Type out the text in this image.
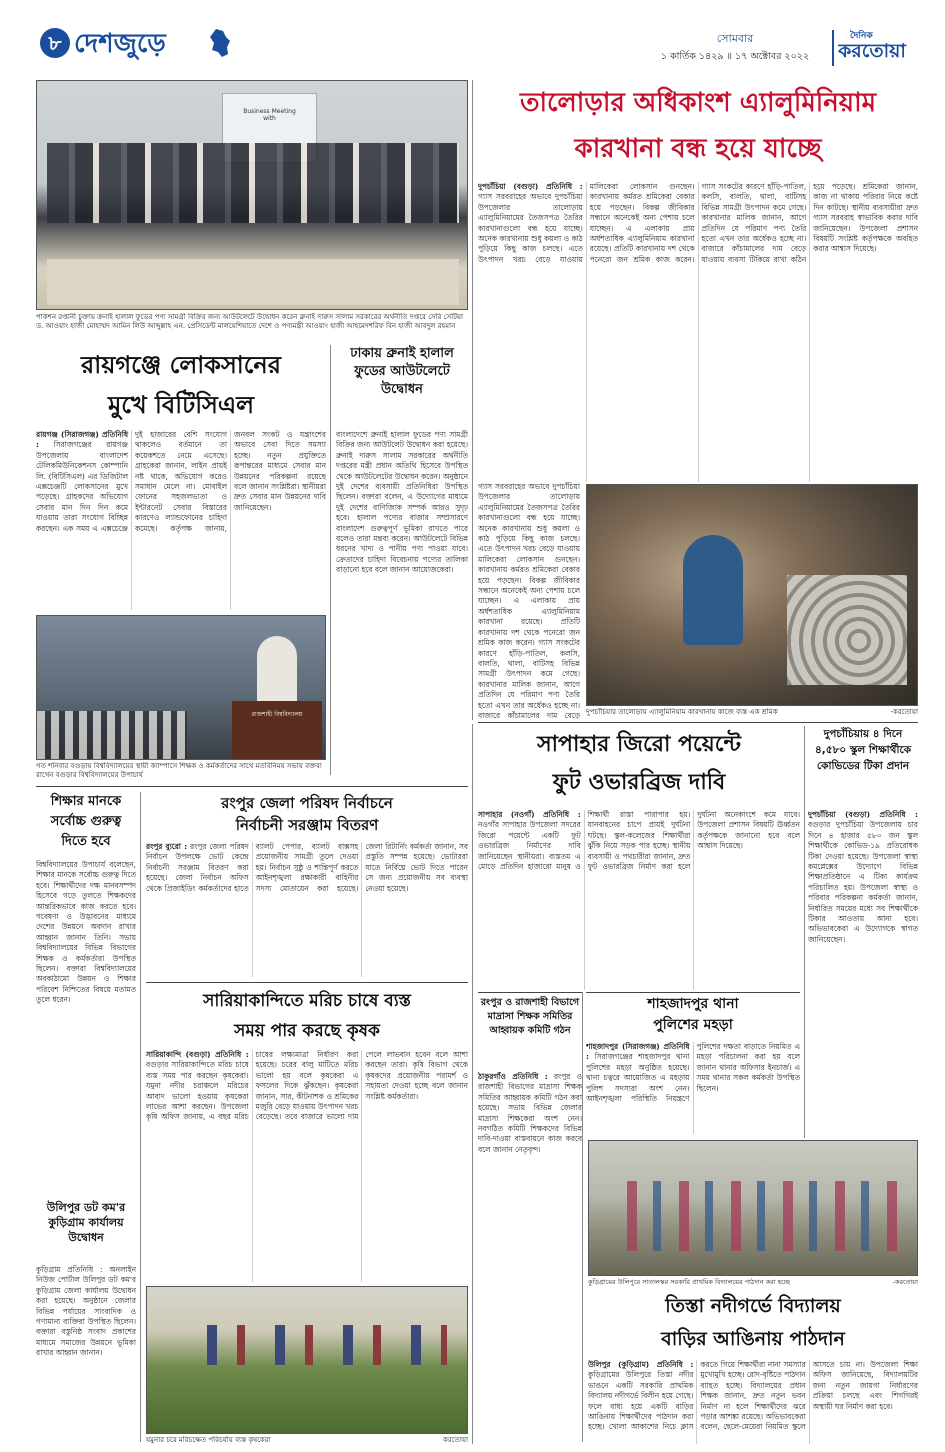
৮ দেশজুড়ে	সোমবার
১ কার্তিক ১৪২৯ ॥ ১৭ অক্টোবর ২০২২
দৈনিক
করতোয়া
Business Meeting
with
পাকশন রপ্তানী চুক্তায় ক্রনাই হালাল ফুডের পণ্য সামগ্রী বিক্রির জন্য আউটলেটে উদ্বোধন করেন ব্রুনাই দারুস সালাম সরকারের অর্থনীতি দপ্তরে সেরি সেটিয়া ড. আওয়াং হাজী মোহাম্মদ আমিন লিউ আব্দুল্লাহ এন. প্রেসিডেন্ট মালয়েশিয়াতে দেশে ও পণ্যমন্ত্রী আওয়াং হাজী আহমেদশরিফ বিন হাজী আবদুল রহমান
তালোড়ার অধিকাংশ এ্যালুমিনিয়াম
কারখানা বন্ধ হয়ে যাচ্ছে
দুপচাঁচিয়া (বগুড়া) প্রতিনিধি : গ্যাস সরবরাহের অভাবে দুপচাঁচিয়া উপজেলার তালোড়ায় এ্যালুমিনিয়ামের তৈজসপত্র তৈরির কারখানাগুলো বন্ধ হয়ে যাচ্ছে। অনেক কারখানায় শুধু কয়লা ও কাঠ পুড়িয়ে কিছু কাজ চলছে। এতে উৎপাদন খরচ বেড়ে যাওয়ায় মালিকেরা লোকসান গুনছেন। কারখানায় কর্মরত শ্রমিকেরা বেকার হয়ে পড়ছেন। বিকল্প জীবিকার সন্ধানে অনেকেই অন্য পেশায় চলে যাচ্ছেন। এ এলাকায় প্রায় অর্ধশতাধিক এ্যালুমিনিয়াম কারখানা রয়েছে। প্রতিটি কারখানায় দশ থেকে পনেরো জন শ্রমিক কাজ করেন। গ্যাস সংকটের কারণে হাঁড়ি-পাতিল, কলসি, বালতি, থালা, বাটিসহ বিভিন্ন সামগ্রী উৎপাদন কমে গেছে। কারখানার মালিক জানান, আগে প্রতিদিন যে পরিমাণ পণ্য তৈরি হতো এখন তার অর্ধেকও হচ্ছে না। বাজারে কাঁচামালের দাম বেড়ে যাওয়ায় ব্যবসা টিকিয়ে রাখা কঠিন হয়ে পড়েছে। শ্রমিকেরা জানান, কাজ না থাকায় পরিবার নিয়ে কষ্টে দিন কাটছে। স্থানীয় ব্যবসায়ীরা দ্রুত গ্যাস সরবরাহ স্বাভাবিক করার দাবি জানিয়েছেন। উপজেলা প্রশাসন বিষয়টি সংশ্লিষ্ট কর্তৃপক্ষকে অবহিত করার আশ্বাস দিয়েছে।
গ্যাস সরবরাহের অভাবে দুপচাঁচিয়া উপজেলার তালোড়ায় এ্যালুমিনিয়ামের তৈজসপত্র তৈরির কারখানাগুলো বন্ধ হয়ে যাচ্ছে। অনেক কারখানায় শুধু কয়লা ও কাঠ পুড়িয়ে কিছু কাজ চলছে। এতে উৎপাদন খরচ বেড়ে যাওয়ায় মালিকেরা লোকসান গুনছেন। কারখানায় কর্মরত শ্রমিকেরা বেকার হয়ে পড়ছেন। বিকল্প জীবিকার সন্ধানে অনেকেই অন্য পেশায় চলে যাচ্ছেন। এ এলাকায় প্রায় অর্ধশতাধিক এ্যালুমিনিয়াম কারখানা রয়েছে। প্রতিটি কারখানায় দশ থেকে পনেরো জন শ্রমিক কাজ করেন। গ্যাস সংকটের কারণে হাঁড়ি-পাতিল, কলসি, বালতি, থালা, বাটিসহ বিভিন্ন সামগ্রী উৎপাদন কমে গেছে। কারখানার মালিক জানান, আগে প্রতিদিন যে পরিমাণ পণ্য তৈরি হতো এখন তার অর্ধেকও হচ্ছে না। বাজারে কাঁচামালের দাম বেড়ে দুপচাঁচিয়ার তালোড়ায় এ্যালুমিনিয়াম কারখানায় কাজে ব্যস্ত এক শ্রমিক	-করতোয়া
রায়গঞ্জে লোকসানের
মুখে বিটিসিএল
রায়গঞ্জ (সিরাজগঞ্জ) প্রতিনিধি : সিরাজগঞ্জের রায়গঞ্জ উপজেলায় বাংলাদেশ টেলিকমিউনিকেশনস কোম্পানি লি. (বিটিসিএল) এর ডিজিটাল এক্সচেঞ্জটি লোকসানের মুখে পড়েছে। গ্রাহকদের অভিযোগ সেবার মান দিন দিন কমে যাওয়ায় তারা সংযোগ বিচ্ছিন্ন করছেন। এক সময় এ এক্সচেঞ্জে দুই হাজারের বেশি সংযোগ থাকলেও বর্তমানে তা কয়েকশতে নেমে এসেছে। গ্রাহকেরা জানান, লাইন প্রায়ই নষ্ট থাকে, অভিযোগ করেও সমাধান মেলে না। মোবাইল ফোনের সহজলভ্যতা ও ইন্টারনেট সেবার বিস্তারের কারণেও ল্যান্ডফোনের চাহিদা কমেছে। কর্তৃপক্ষ জানায়, জনবল সংকট ও যন্ত্রাংশের অভাবে সেবা দিতে সমস্যা হচ্ছে। নতুন প্রযুক্তিতে রূপান্তরের মাধ্যমে সেবার মান উন্নয়নের পরিকল্পনা রয়েছে বলে জানান সংশ্লিষ্টরা। স্থানীয়রা দ্রুত সেবার মান উন্নয়নের দাবি জানিয়েছেন।
ঢাকায় ব্রুনাই হালাল ফুডের আউটলেটে উদ্বোধন
বাংলাদেশে ব্রুনাই হালাল ফুডের পণ্য সামগ্রী বিক্রির জন্য আউটলেট উদ্বোধন করা হয়েছে। ব্রুনাই দারুস সালাম সরকারের অর্থনীতি দপ্তরের মন্ত্রী প্রধান অতিথি হিসেবে উপস্থিত থেকে আউটলেটের উদ্বোধন করেন। অনুষ্ঠানে দুই দেশের ব্যবসায়ী প্রতিনিধিরা উপস্থিত ছিলেন। বক্তারা বলেন, এ উদ্যোগের মাধ্যমে দুই দেশের বাণিজ্যিক সম্পর্ক আরও সুদৃঢ় হবে। হালাল পণ্যের বাজার সম্প্রসারণে বাংলাদেশ গুরুত্বপূর্ণ ভূমিকা রাখতে পারে বলেও তারা মন্তব্য করেন। আউটলেটে বিভিন্ন ধরনের খাদ্য ও পানীয় পণ্য পাওয়া যাবে। ক্রেতাদের চাহিদা বিবেচনায় পণ্যের তালিকা বাড়ানো হবে বলে জানান আয়োজকেরা।
রাজশাহী বিশ্ববিদ্যালয়
গত শনিবার বগুড়ায় বিশ্ববিদ্যালয়ের স্থায়ী ক্যাম্পাসে শিক্ষক ও কর্মকর্তাদের সাথে মতবিনিময় সভায় বক্তব্য রাখেন বগুড়ার বিশ্ববিদ্যালয়ের উপাচার্য
শিক্ষার মানকে সর্বোচ্চ গুরুত্ব দিতে হবে
বিশ্ববিদ্যালয়ের উপাচার্য বলেছেন, শিক্ষার মানকে সর্বোচ্চ গুরুত্ব দিতে হবে। শিক্ষার্থীদের দক্ষ মানবসম্পদ হিসেবে গড়ে তুলতে শিক্ষকদের আন্তরিকভাবে কাজ করতে হবে। গবেষণা ও উদ্ভাবনের মাধ্যমে দেশের উন্নয়নে অবদান রাখার আহ্বান জানান তিনি। সভায় বিশ্ববিদ্যালয়ের বিভিন্ন বিভাগের শিক্ষক ও কর্মকর্তারা উপস্থিত ছিলেন। বক্তারা বিশ্ববিদ্যালয়ের অবকাঠামো উন্নয়ন ও শিক্ষার পরিবেশ নিশ্চিতের বিষয়ে মতামত তুলে ধরেন।
উলিপুর ডট কম'র কুড়িগ্রাম কার্যালয় উদ্বোধন
কুড়িগ্রাম প্রতিনিধি : অনলাইন নিউজ পোর্টাল উলিপুর ডট কম'র কুড়িগ্রাম জেলা কার্যালয় উদ্বোধন করা হয়েছে। অনুষ্ঠানে জেলার বিভিন্ন পর্যায়ের সাংবাদিক ও গণ্যমান্য ব্যক্তিরা উপস্থিত ছিলেন। বক্তারা বস্তুনিষ্ঠ সংবাদ প্রকাশের মাধ্যমে সমাজের উন্নয়নে ভূমিকা রাখার আহ্বান জানান।
রংপুর জেলা পরিষদ নির্বাচনে
নির্বাচনী সরঞ্জাম বিতরণ
রংপুর ব্যুরো : রংপুর জেলা পরিষদ নির্বাচন উপলক্ষে ভোট কেন্দ্রে নির্বাচনী সরঞ্জাম বিতরণ করা হয়েছে। জেলা নির্বাচন অফিস থেকে প্রিজাইডিং কর্মকর্তাদের হাতে ব্যালট পেপার, ব্যালট বাক্সসহ প্রয়োজনীয় সামগ্রী তুলে দেওয়া হয়। নির্বাচন সুষ্ঠু ও শান্তিপূর্ণ করতে আইনশৃঙ্খলা রক্ষাকারী বাহিনীর সদস্য মোতায়েন করা হয়েছে। জেলা রিটার্নিং কর্মকর্তা জানান, সব প্রস্তুতি সম্পন্ন হয়েছে। ভোটাররা যাতে নির্বিঘ্নে ভোট দিতে পারেন সে জন্য প্রয়োজনীয় সব ব্যবস্থা নেওয়া হয়েছে।
সারিয়াকান্দিতে মরিচ চাষে ব্যস্ত
সময় পার করছে কৃষক
সারিয়াকান্দি (বগুড়া) প্রতিনিধি : বগুড়ার সারিয়াকান্দিতে মরিচ চাষে ব্যস্ত সময় পার করছেন কৃষকেরা। যমুনা নদীর চরাঞ্চলে মরিচের আবাদ ভালো হওয়ায় কৃষকেরা লাভের আশা করছেন। উপজেলা কৃষি অফিস জানায়, এ বছর মরিচ চাষের লক্ষ্যমাত্রা নির্ধারণ করা হয়েছে। চরের বালু মাটিতে মরিচ ভালো হয় বলে কৃষকেরা এ ফসলের দিকে ঝুঁকছেন। কৃষকেরা জানান, সার, কীটনাশক ও শ্রমিকের মজুরি বেড়ে যাওয়ায় উৎপাদন খরচ বেড়েছে। তবে বাজারে ভালো দাম পেলে লাভবান হবেন বলে আশা করছেন তারা। কৃষি বিভাগ থেকে কৃষকদের প্রয়োজনীয় পরামর্শ ও সহায়তা দেওয়া হচ্ছে বলে জানান সংশ্লিষ্ট কর্মকর্তারা।
যমুনার চরে মরিচক্ষেত পরিচর্যায় ব্যস্ত কৃষকেরা	করতোয়া
সাপাহার জিরো পয়েন্টে
ফুট ওভারব্রিজ দাবি
সাপাহার (নওগাঁ) প্রতিনিধি : নওগাঁর সাপাহার উপজেলা সদরের জিরো পয়েন্টে একটি ফুট ওভারব্রিজ নির্মাণের দাবি জানিয়েছেন স্থানীয়রা। ব্যস্ততম এ মোড়ে প্রতিদিন হাজারো মানুষ ও শিক্ষার্থী রাস্তা পারাপার হয়। যানবাহনের চাপে প্রায়ই দুর্ঘটনা ঘটছে। স্কুল-কলেজের শিক্ষার্থীরা ঝুঁকি নিয়ে সড়ক পার হচ্ছে। স্থানীয় ব্যবসায়ী ও পথচারীরা জানান, দ্রুত ফুট ওভারব্রিজ নির্মাণ করা হলে দুর্ঘটনা অনেকাংশে কমে যাবে। উপজেলা প্রশাসন বিষয়টি ঊর্ধ্বতন কর্তৃপক্ষকে জানানো হবে বলে আশ্বাস দিয়েছে।
শাহজাদপুর থানা
পুলিশের মহড়া
শাহজাদপুর (সিরাজগঞ্জ) প্রতিনিধি : সিরাজগঞ্জের শাহজাদপুর থানা পুলিশের মহড়া অনুষ্ঠিত হয়েছে। থানা চত্বরে আয়োজিত এ মহড়ায় পুলিশ সদস্যরা অংশ নেন। আইনশৃঙ্খলা পরিস্থিতি নিয়ন্ত্রণে পুলিশের দক্ষতা বাড়াতে নিয়মিত এ মহড়া পরিচালনা করা হয় বলে জানান থানার অফিসার ইনচার্জ। এ সময় থানার সকল কর্মকর্তা উপস্থিত ছিলেন।
দুপচাঁচিয়ায় ৪ দিনে ৪,৫৮০ স্কুল শিক্ষার্থীকে কোভিডের টিকা প্রদান
দুপচাঁচিয়া (বগুড়া) প্রতিনিধি : বগুড়ার দুপচাঁচিয়া উপজেলায় চার দিনে ৪ হাজার ৫৮০ জন স্কুল শিক্ষার্থীকে কোভিড-১৯ প্রতিরোধক টিকা দেওয়া হয়েছে। উপজেলা স্বাস্থ্য কমপ্লেক্সের উদ্যোগে বিভিন্ন শিক্ষাপ্রতিষ্ঠানে এ টিকা কার্যক্রম পরিচালিত হয়। উপজেলা স্বাস্থ্য ও পরিবার পরিকল্পনা কর্মকর্তা জানান, নির্ধারিত সময়ের মধ্যে সব শিক্ষার্থীকে টিকার আওতায় আনা হবে। অভিভাবকেরা এ উদ্যোগকে স্বাগত জানিয়েছেন।
রংপুর ও রাজশাহী বিভাগে মাদ্রাসা শিক্ষক সমিতির আহ্বায়ক কমিটি গঠন
ঠাকুরগাঁও প্রতিনিধি : রংপুর ও রাজশাহী বিভাগের মাদ্রাসা শিক্ষক সমিতির আহ্বায়ক কমিটি গঠন করা হয়েছে। সভায় বিভিন্ন জেলার মাদ্রাসা শিক্ষকেরা অংশ নেন। নবগঠিত কমিটি শিক্ষকদের বিভিন্ন দাবি-দাওয়া বাস্তবায়নে কাজ করবে বলে জানান নেতৃবৃন্দ।
কুড়িগ্রামের উলিপুরে সাতালস্কর সরকারি প্রাথমিক বিদ্যালয়ের পাঠদান করা হচ্ছে	-করতোয়া
তিস্তা নদীগর্ভে বিদ্যালয়
বাড়ির আঙিনায় পাঠদান
উলিপুর (কুড়িগ্রাম) প্রতিনিধি : কুড়িগ্রামের উলিপুরে তিস্তা নদীর ভাঙনে একটি সরকারি প্রাথমিক বিদ্যালয় নদীগর্ভে বিলীন হয়ে গেছে। ফলে বাধ্য হয়ে একটি বাড়ির আঙিনায় শিক্ষার্থীদের পাঠদান করা হচ্ছে। খোলা আকাশের নিচে ক্লাস করতে গিয়ে শিক্ষার্থীরা নানা সমস্যার মুখোমুখি হচ্ছে। রোদ-বৃষ্টিতে পাঠদান ব্যাহত হচ্ছে। বিদ্যালয়ের প্রধান শিক্ষক জানান, দ্রুত নতুন ভবন নির্মাণ না হলে শিক্ষার্থীদের ঝরে পড়ার আশঙ্কা রয়েছে। অভিভাবকেরা বলেন, ছেলে-মেয়েরা নিয়মিত স্কুলে আসতে চায় না। উপজেলা শিক্ষা অফিস জানিয়েছে, বিদ্যালয়টির জন্য নতুন জায়গা নির্ধারণের প্রক্রিয়া চলছে এবং শিগগিরই অস্থায়ী ঘর নির্মাণ করা হবে।
